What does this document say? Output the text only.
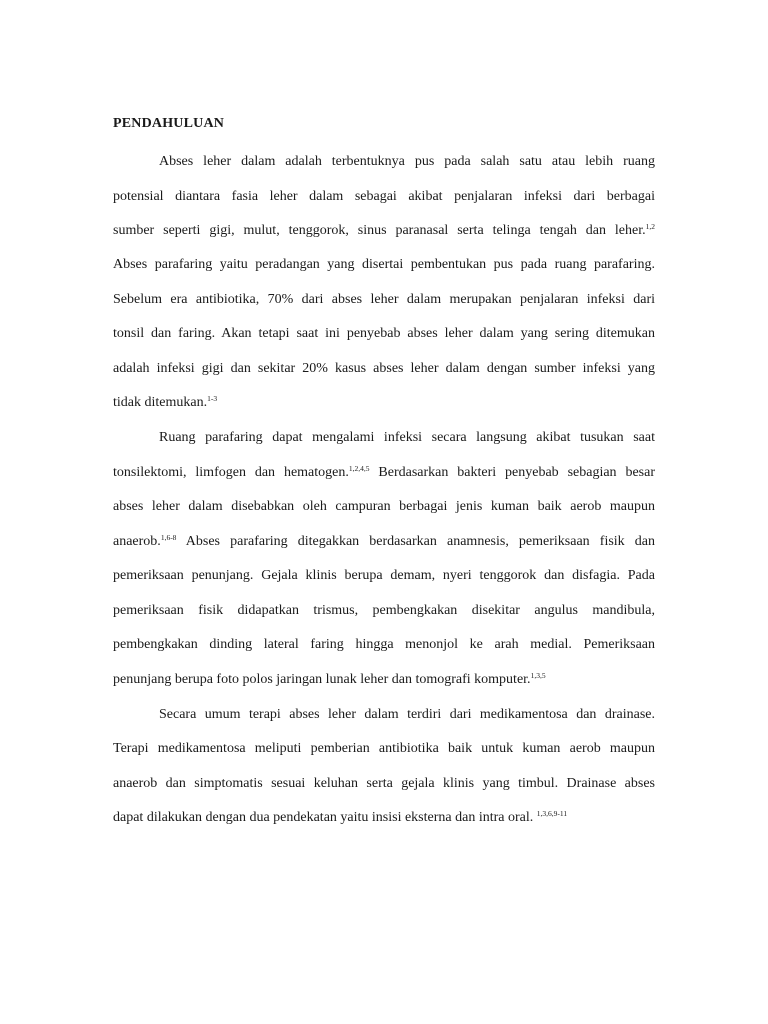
PENDAHULUAN
Abses leher dalam adalah terbentuknya pus pada salah satu atau lebih ruang
potensial diantara fasia leher dalam sebagai akibat penjalaran infeksi dari berbagai
sumber seperti gigi, mulut, tenggorok, sinus paranasal serta telinga tengah dan leher.$^{1,2}$
Abses parafaring yaitu peradangan yang disertai pembentukan pus pada ruang parafaring.
Sebelum era antibiotika, 70% dari abses leher dalam merupakan penjalaran infeksi dari
tonsil dan faring. Akan tetapi saat ini penyebab abses leher dalam yang sering ditemukan
adalah infeksi gigi dan sekitar 20% kasus abses leher dalam dengan sumber infeksi yang
tidak ditemukan.$^{1-3}$
Ruang parafaring dapat mengalami infeksi secara langsung akibat tusukan saat
tonsilektomi, limfogen dan hematogen.$^{1,2,4,5}$ Berdasarkan bakteri penyebab sebagian besar
abses leher dalam disebabkan oleh campuran berbagai jenis kuman baik aerob maupun
anaerob.$^{1,6-8}$ Abses parafaring ditegakkan berdasarkan anamnesis, pemeriksaan fisik dan
pemeriksaan penunjang. Gejala klinis berupa demam, nyeri tenggorok dan disfagia. Pada
pemeriksaan fisik didapatkan trismus, pembengkakan disekitar angulus mandibula,
pembengkakan dinding lateral faring hingga menonjol ke arah medial. Pemeriksaan
penunjang berupa foto polos jaringan lunak leher dan tomografi komputer.$^{1,3,5}$
Secara umum terapi abses leher dalam terdiri dari medikamentosa dan drainase.
Terapi medikamentosa meliputi pemberian antibiotika baik untuk kuman aerob maupun
anaerob dan simptomatis sesuai keluhan serta gejala klinis yang timbul. Drainase abses
dapat dilakukan dengan dua pendekatan yaitu insisi eksterna dan intra oral. $^{1,3,6,9-11}$
